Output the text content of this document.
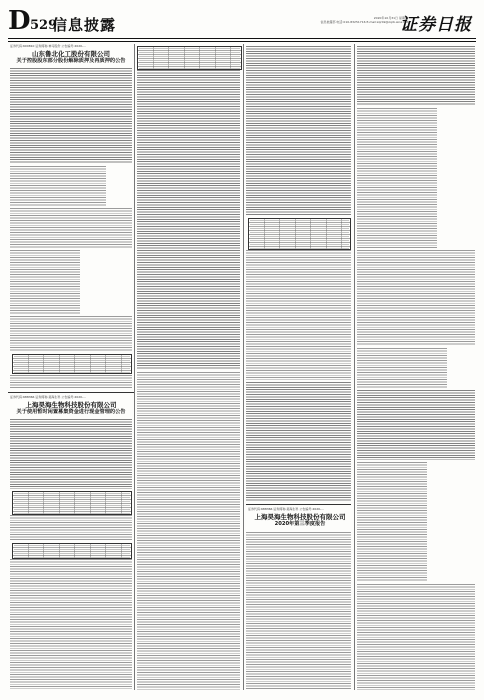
D 529
信息披露	2020年10月31日 星期六
信息披露部 电话:010-83251716 E-mail:zqrb9@zqrb.sina.net
证券日报
证券代码:600810 证券简称:神马股份 公告编号:2020-...
山东鲁北化工股份有限公司
关于控股股东部分股份解除质押及再质押的公告
证券代码:688366 证券简称:昊海生科 公告编号:2020-...
上海昊海生物科技股份有限公司
关于使用暂时闲置募集资金进行现金管理的公告
证券代码:688366 证券简称:昊海生科 公告编号:2020-...
上海昊海生物科技股份有限公司
2020年第三季度报告
